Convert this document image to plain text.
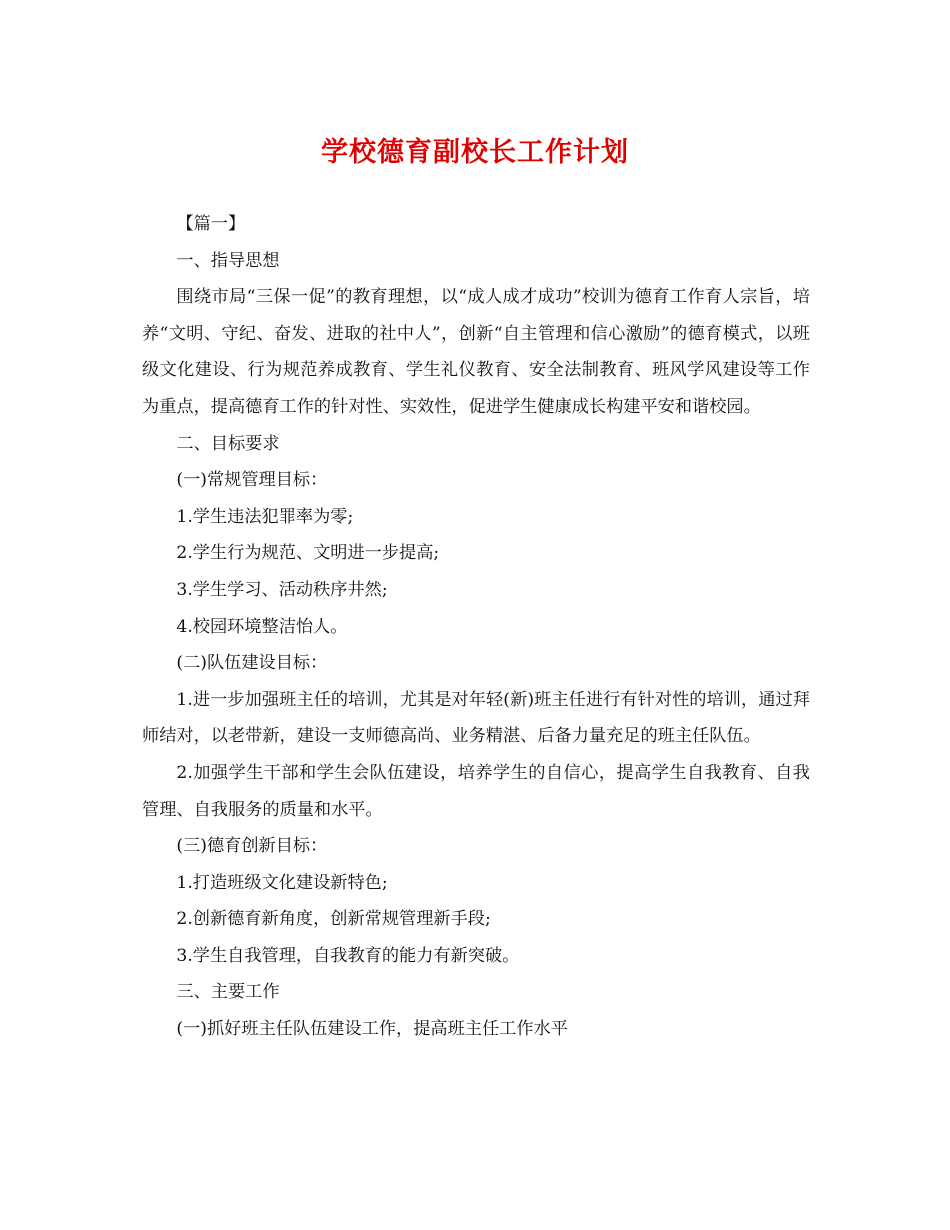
学校德育副校长工作计划

【篇一】

一、指导思想

围绕市局“三保一促”的教育理想，以“成人成才成功”校训为德育工作育人宗旨，培养“文明、守纪、奋发、进取的社中人”，创新“自主管理和信心激励”的德育模式，以班级文化建设、行为规范养成教育、学生礼仪教育、安全法制教育、班风学风建设等工作为重点，提高德育工作的针对性、实效性，促进学生健康成长构建平安和谐校园。

二、目标要求

(一)常规管理目标：

1.学生违法犯罪率为零;

2.学生行为规范、文明进一步提高;

3.学生学习、活动秩序井然;

4.校园环境整洁怡人。

(二)队伍建设目标：

1.进一步加强班主任的培训，尤其是对年轻(新)班主任进行有针对性的培训，通过拜师结对，以老带新，建设一支师德高尚、业务精湛、后备力量充足的班主任队伍。

2.加强学生干部和学生会队伍建设，培养学生的自信心，提高学生自我教育、自我管理、自我服务的质量和水平。

(三)德育创新目标：

1.打造班级文化建设新特色;

2.创新德育新角度，创新常规管理新手段;

3.学生自我管理，自我教育的能力有新突破。

三、主要工作

(一)抓好班主任队伍建设工作，提高班主任工作水平
